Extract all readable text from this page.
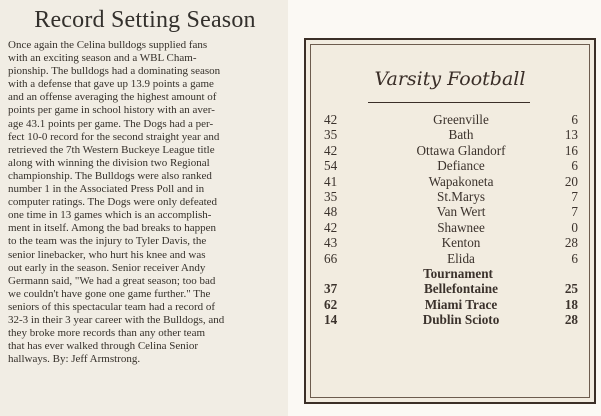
Record Setting Season

Once again the Celina bulldogs supplied fans
with an exciting season and a WBL Cham-
pionship. The bulldogs had a dominating season
with a defense that gave up 13.9 points a game
and an offense averaging the highest amount of
points per game in school history with an aver-
age 43.1 points per game. The Dogs had a per-
fect 10-0 record for the second straight year and
retrieved the 7th Western Buckeye League title
along with winning the division two Regional
championship. The Bulldogs were also ranked
number 1 in the Associated Press Poll and in
computer ratings. The Dogs were only defeated
one time in 13 games which is an accomplish-
ment in itself. Among the bad breaks to happen
to the team was the injury to Tyler Davis, the
senior linebacker, who hurt his knee and was
out early in the season. Senior receiver Andy
Germann said, "We had a great season; too bad
we couldn't have gone one game further." The
seniors of this spectacular team had a record of
32-3 in their 3 year career with the Bulldogs, and
they broke more records than any other team
that has ever walked through Celina Senior
hallways. By: Jeff Armstrong.

Varsity Football
42	Greenville	6
35	Bath	13
42	Ottawa Glandorf	16
54	Defiance	6
41	Wapakoneta	20
35	St.Marys	7
48	Van Wert	7
42	Shawnee	0
43	Kenton	28
66	Elida	6
Tournament
37	Bellefontaine	25
62	Miami Trace	18
14	Dublin Scioto	28
